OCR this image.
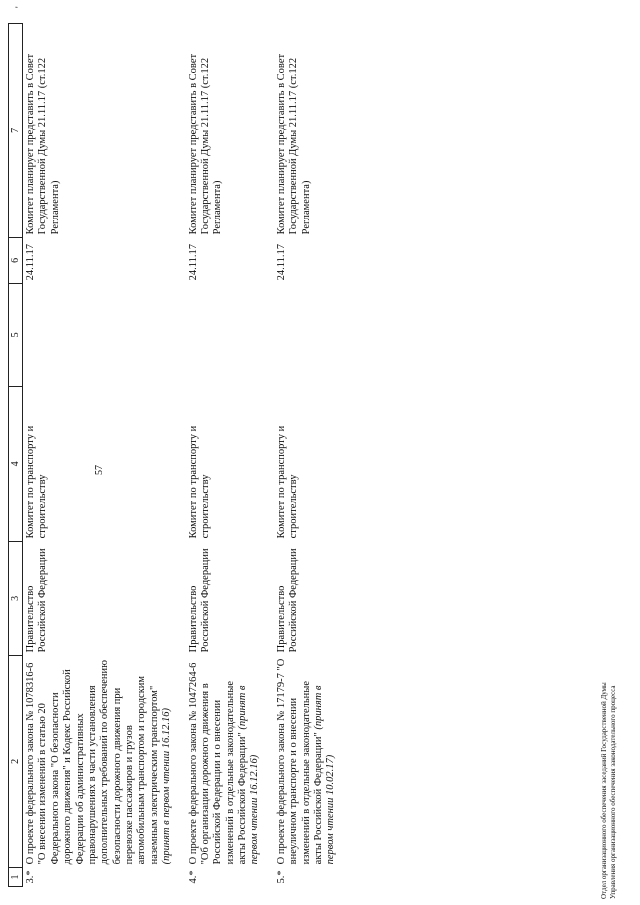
57
'
1	2	3	4	5	6	7
3.*	О проекте федерального закона № 1078316-6 "О внесении изменений в статью 20 Федерального закона "О безопасности дорожного движения" и Кодекс Российской Федерации об административных правонарушениях в части установления дополнительных требований по обеспечению безопасности дорожного движения при перевозке пассажиров и грузов автомобильным транспортом и городским наземным электрическим транспортом" (принят в первом чтении 16.12.16)	Правительство Российской Федерации	Комитет по транспорту и строительству		24.11.17	Комитет планирует представить в Совет Государственной Думы 21.11.17 (ст.122 Регламента)
4.*	О проекте федерального закона № 1047264-6 "Об организации дорожного движения в Российской Федерации и о внесении изменений в отдельные законодательные акты Российской Федерации" (принят в первом чтении 16.12.16)	Правительство Российской Федерации	Комитет по транспорту и строительству		24.11.17	Комитет планирует представить в Совет Государственной Думы 21.11.17 (ст.122 Регламента)
5.*	О проекте федерального закона № 17179-7 "О внеуличном транспорте и о внесении изменений в отдельные законодательные акты Российской Федерации" (принят в первом чтении 10.02.17)	Правительство Российской Федерации	Комитет по транспорту и строительству		24.11.17	Комитет планирует представить в Совет Государственной Думы 21.11.17 (ст.122 Регламента)
Отдел организационного обеспечения заседаний Государственной Думы Управления организационного обеспечения законодательного процесса
